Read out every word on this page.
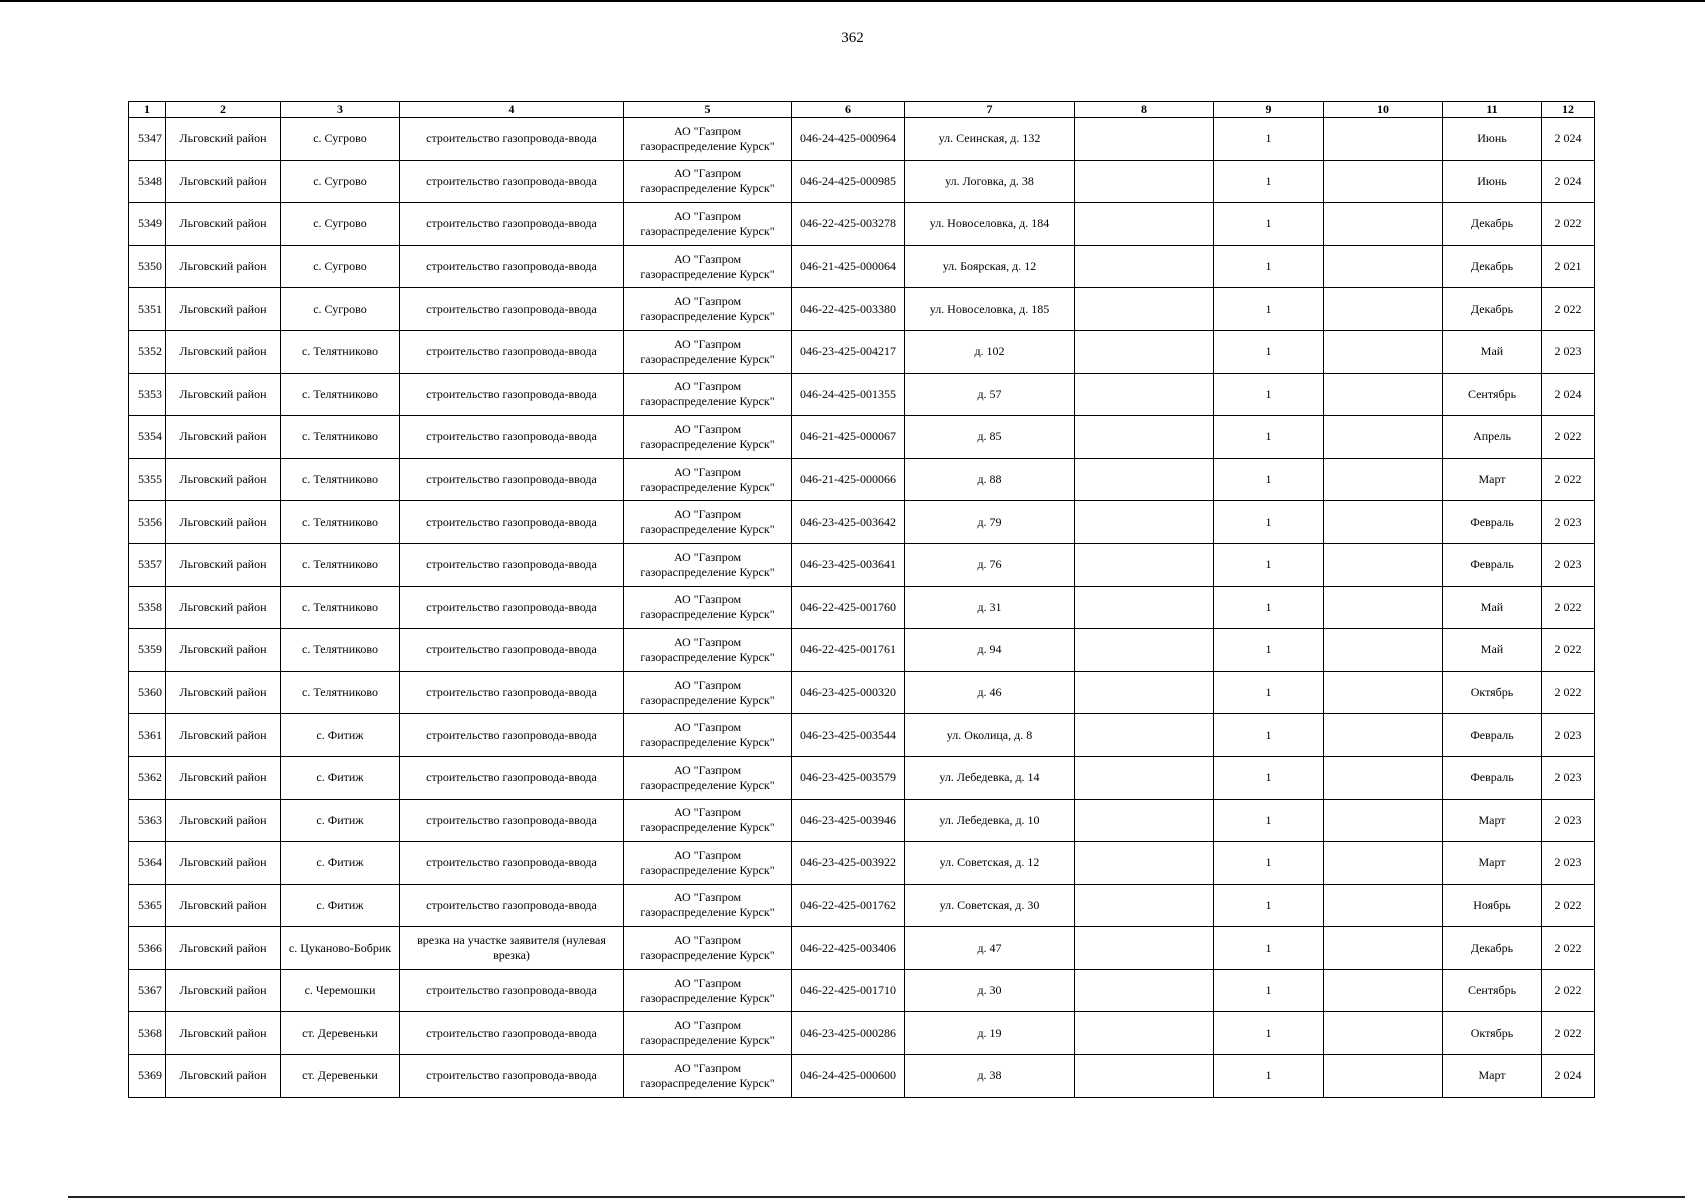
362
1	2	3	4	5	6	7	8	9	10	11	12
5347	Льговский район	с. Сугрово	строительство газопровода-ввода	АО "Газпром газораспределение Курск"	046-24-425-000964	ул. Сеинская, д. 132		1		Июнь	2 024
5348	Льговский район	с. Сугрово	строительство газопровода-ввода	АО "Газпром газораспределение Курск"	046-24-425-000985	ул. Логовка, д. 38		1		Июнь	2 024
5349	Льговский район	с. Сугрово	строительство газопровода-ввода	АО "Газпром газораспределение Курск"	046-22-425-003278	ул. Новоселовка, д. 184		1		Декабрь	2 022
5350	Льговский район	с. Сугрово	строительство газопровода-ввода	АО "Газпром газораспределение Курск"	046-21-425-000064	ул. Боярская, д. 12		1		Декабрь	2 021
5351	Льговский район	с. Сугрово	строительство газопровода-ввода	АО "Газпром газораспределение Курск"	046-22-425-003380	ул. Новоселовка, д. 185		1		Декабрь	2 022
5352	Льговский район	с. Телятниково	строительство газопровода-ввода	АО "Газпром газораспределение Курск"	046-23-425-004217	д. 102		1		Май	2 023
5353	Льговский район	с. Телятниково	строительство газопровода-ввода	АО "Газпром газораспределение Курск"	046-24-425-001355	д. 57		1		Сентябрь	2 024
5354	Льговский район	с. Телятниково	строительство газопровода-ввода	АО "Газпром газораспределение Курск"	046-21-425-000067	д. 85		1		Апрель	2 022
5355	Льговский район	с. Телятниково	строительство газопровода-ввода	АО "Газпром газораспределение Курск"	046-21-425-000066	д. 88		1		Март	2 022
5356	Льговский район	с. Телятниково	строительство газопровода-ввода	АО "Газпром газораспределение Курск"	046-23-425-003642	д. 79		1		Февраль	2 023
5357	Льговский район	с. Телятниково	строительство газопровода-ввода	АО "Газпром газораспределение Курск"	046-23-425-003641	д. 76		1		Февраль	2 023
5358	Льговский район	с. Телятниково	строительство газопровода-ввода	АО "Газпром газораспределение Курск"	046-22-425-001760	д. 31		1		Май	2 022
5359	Льговский район	с. Телятниково	строительство газопровода-ввода	АО "Газпром газораспределение Курск"	046-22-425-001761	д. 94		1		Май	2 022
5360	Льговский район	с. Телятниково	строительство газопровода-ввода	АО "Газпром газораспределение Курск"	046-23-425-000320	д. 46		1		Октябрь	2 022
5361	Льговский район	с. Фитиж	строительство газопровода-ввода	АО "Газпром газораспределение Курск"	046-23-425-003544	ул. Околица, д. 8		1		Февраль	2 023
5362	Льговский район	с. Фитиж	строительство газопровода-ввода	АО "Газпром газораспределение Курск"	046-23-425-003579	ул. Лебедевка, д. 14		1		Февраль	2 023
5363	Льговский район	с. Фитиж	строительство газопровода-ввода	АО "Газпром газораспределение Курск"	046-23-425-003946	ул. Лебедевка, д. 10		1		Март	2 023
5364	Льговский район	с. Фитиж	строительство газопровода-ввода	АО "Газпром газораспределение Курск"	046-23-425-003922	ул. Советская, д. 12		1		Март	2 023
5365	Льговский район	с. Фитиж	строительство газопровода-ввода	АО "Газпром газораспределение Курск"	046-22-425-001762	ул. Советская, д. 30		1		Ноябрь	2 022
5366	Льговский район	с. Цуканово-Бобрик	врезка на участке заявителя (нулевая врезка)	АО "Газпром газораспределение Курск"	046-22-425-003406	д. 47		1		Декабрь	2 022
5367	Льговский район	с. Черемошки	строительство газопровода-ввода	АО "Газпром газораспределение Курск"	046-22-425-001710	д. 30		1		Сентябрь	2 022
5368	Льговский район	ст. Деревеньки	строительство газопровода-ввода	АО "Газпром газораспределение Курск"	046-23-425-000286	д. 19		1		Октябрь	2 022
5369	Льговский район	ст. Деревеньки	строительство газопровода-ввода	АО "Газпром газораспределение Курск"	046-24-425-000600	д. 38		1		Март	2 024
